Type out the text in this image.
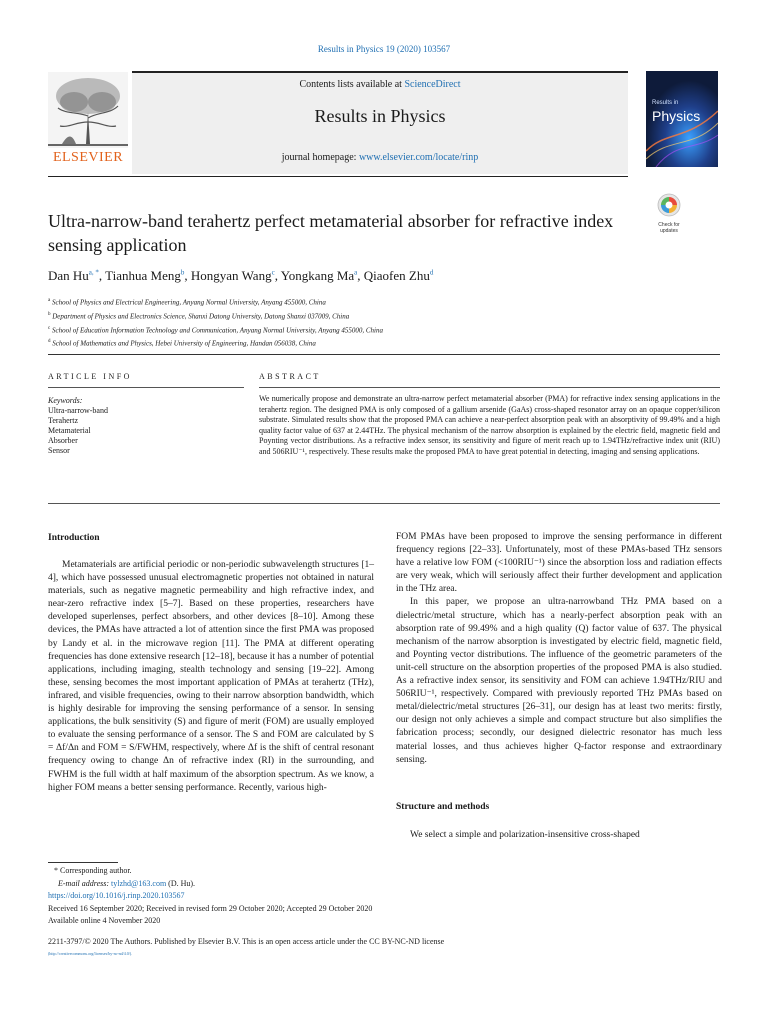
Results in Physics 19 (2020) 103567
Contents lists available at ScienceDirect
Results in Physics
journal homepage: www.elsevier.com/locate/rinp
ELSEVIER
Results in
Physics
Ultra-narrow-band terahertz perfect metamaterial absorber for refractive index sensing application
Check for
updates
Dan $Hu^{a, *}$, Tianhua Meng$^b$, Hongyan Wang$^c$, Yongkang Ma$^a$, Qiaofen Zhu$^d$
$^a$ School of Physics and Electrical Engineering, Anyang Normal University, Anyang 455000, China
$^b$ Department of Physics and Electronics Science, Shanxi Datong University, Datong Shanxi 037009, China
$^c$ School of Education Information Technology and Communication, Anyang Normal University, Anyang 455000, China
$^d$ School of Mathematics and Physics, Hebei University of Engineering, Handan 056038, China
ARTICLE INFO
Keywords:
Ultra-narrow-band
Terahertz
Metamaterial
Absorber
Sensor
ABSTRACT
We numerically propose and demonstrate an ultra-narrow perfect metamaterial absorber (PMA) for refractive index sensing applications in the terahertz region. The designed PMA is only composed of a gallium arsenide (GaAs) cross-shaped resonator array on an opaque copper/silicon substrate. Simulated results show that the proposed PMA can achieve a near-perfect absorption peak with an absorptivity of 99.49% and a high quality factor value of 637 at 2.44THz. The physical mechanism of the narrow absorption is explained by the electric field, magnetic field and Poynting vector distributions. As a refractive index sensor, its sensitivity and figure of merit reach up to 1.94THz/refractive index unit (RIU) and 506RIU⁻¹, respectively. These results make the proposed PMA to have great potential in detecting, imaging and sensing applications.
Introduction

Metamaterials are artificial periodic or non-periodic subwavelength structures [1–4], which have possessed unusual electromagnetic properties not obtained in natural materials, such as negative magnetic permeability and high refractive index, and near-zero refractive index [5–7]. Based on these properties, researchers have developed superlenses, perfect absorbers, and other devices [8–10]. Among these devices, the PMAs have attracted a lot of attention since the first PMA was proposed by Landy et al. in the microwave region [11]. The PMA at different operating frequencies has done extensive research [12–18], because it has a number of potential applications, including imaging, stealth technology and sensing [19–22]. Among these, sensing becomes the most important application of PMAs at terahertz (THz), infrared, and visible frequencies, owing to their narrow absorption bandwidth, which is highly desirable for improving the sensing performance of a sensor. In sensing applications, the bulk sensitivity (S) and figure of merit (FOM) are usually employed to evaluate the sensing performance of a sensor. The S and FOM are calculated by S = Δf/Δn and FOM = S/FWHM, respectively, where Δf is the shift of central resonant frequency owing to change Δn of refractive index (RI) in the surrounding, and FWHM is the full width at half maximum of the absorption spectrum. As we know, a higher FOM means a better sensing performance. Recently, various high-

FOM PMAs have been proposed to improve the sensing performance in different frequency regions [22–33]. Unfortunately, most of these PMAs-based THz sensors have a relative low FOM (<100RIU⁻¹) since the absorption loss and radiation effects are very weak, which will seriously affect their further development and application in the THz area.

In this paper, we propose an ultra-narrowband THz PMA based on a dielectric/metal structure, which has a nearly-perfect absorption peak with an absorption rate of 99.49% and a high quality (Q) factor value of 637. The physical mechanism of the narrow absorption is investigated by electric field, magnetic field, and Poynting vector distributions. The influence of the geometric parameters of the unit-cell structure on the absorption properties of the proposed PMA is also studied. As a refractive index sensor, its sensitivity and FOM can achieve 1.94THz/RIU and 506RIU⁻¹, respectively. Compared with previously reported THz PMAs based on metal/dielectric/metal structures [26–31], our design has at least two merits: firstly, our design not only achieves a simple and compact structure but also simplifies the fabrication process; secondly, our designed dielectric resonator has much less material losses, and thus achieves higher Q-factor response and extraordinary sensing.

Structure and methods

We select a simple and polarization-insensitive cross-shaped

* Corresponding author.
E-mail address: tylzhd@163.com (D. Hu).
https://doi.org/10.1016/j.rinp.2020.103567
Received 16 September 2020; Received in revised form 29 October 2020; Accepted 29 October 2020
Available online 4 November 2020
2211-3797/© 2020 The Authors. Published by Elsevier B.V. This is an open access article under the CC BY-NC-ND license
(http://creativecommons.org/licenses/by-nc-nd/4.0/).
